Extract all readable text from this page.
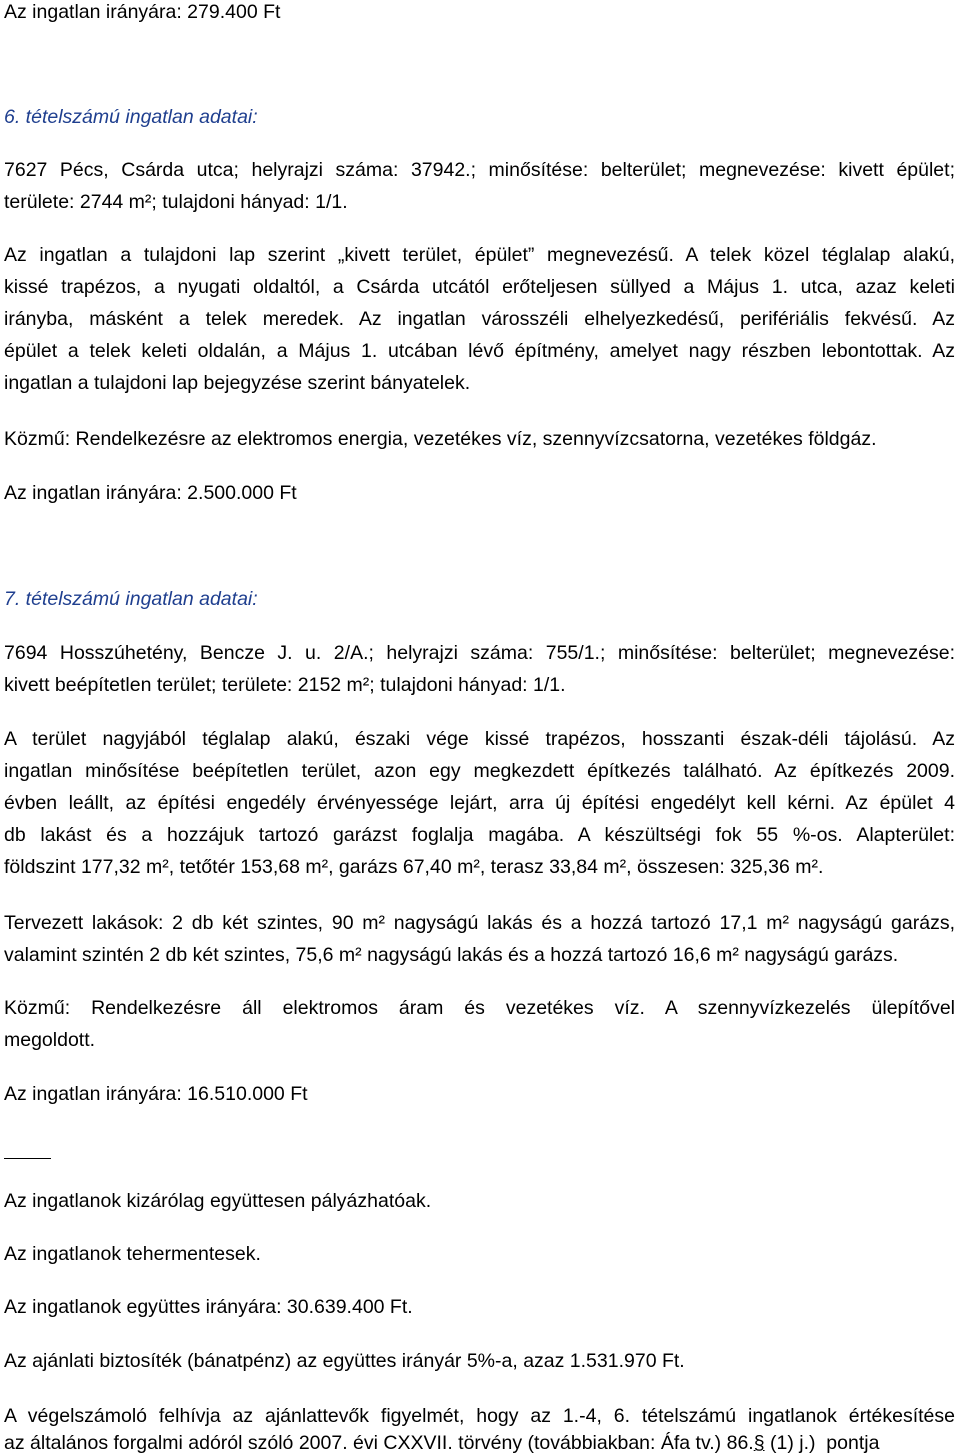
Az ingatlan irányára: 279.400 Ft
6. tételszámú ingatlan adatai:
7627 Pécs, Csárda utca; helyrajzi száma: 37942.; minősítése: belterület; megnevezése: kivett épület;
területe: 2744 m²; tulajdoni hányad: 1/1.
Az ingatlan a tulajdoni lap szerint „kivett terület, épület” megnevezésű. A telek közel téglalap alakú,
kissé trapézos, a nyugati oldaltól, a Csárda utcától erőteljesen süllyed a Május 1. utca, azaz keleti
irányba, másként a telek meredek. Az ingatlan városszéli elhelyezkedésű, perifériális fekvésű. Az
épület a telek keleti oldalán, a Május 1. utcában lévő építmény, amelyet nagy részben lebontottak. Az
ingatlan a tulajdoni lap bejegyzése szerint bányatelek.
Közmű: Rendelkezésre az elektromos energia, vezetékes víz, szennyvízcsatorna, vezetékes földgáz.
Az ingatlan irányára: 2.500.000 Ft
7. tételszámú ingatlan adatai:
7694 Hosszúhetény, Bencze J. u. 2/A.; helyrajzi száma: 755/1.; minősítése: belterület; megnevezése:
kivett beépítetlen terület; területe: 2152 m²; tulajdoni hányad: 1/1.
A terület nagyjából téglalap alakú, északi vége kissé trapézos, hosszanti észak-déli tájolású. Az
ingatlan minősítése beépítetlen terület, azon egy megkezdett építkezés található. Az építkezés 2009.
évben leállt, az építési engedély érvényessége lejárt, arra új építési engedélyt kell kérni. Az épület 4
db lakást és a hozzájuk tartozó garázst foglalja magába. A készültségi fok 55 %-os. Alapterület:
földszint 177,32 m², tetőtér 153,68 m², garázs 67,40 m², terasz 33,84 m², összesen: 325,36 m².
Tervezett lakások: 2 db két szintes, 90 m² nagyságú lakás és a hozzá tartozó 17,1 m² nagyságú garázs,
valamint szintén 2 db két szintes, 75,6 m² nagyságú lakás és a hozzá tartozó 16,6 m² nagyságú garázs.
Közmű: Rendelkezésre áll elektromos áram és vezetékes víz. A szennyvízkezelés ülepítővel
megoldott.
Az ingatlan irányára: 16.510.000 Ft
Az ingatlanok kizárólag együttesen pályázhatóak.
Az ingatlanok tehermentesek.
Az ingatlanok együttes irányára: 30.639.400 Ft.
Az ajánlati biztosíték (bánatpénz) az együttes irányár 5%-a, azaz 1.531.970 Ft.
A végelszámoló felhívja az ajánlattevők figyelmét, hogy az 1.-4, 6. tételszámú ingatlanok értékesítése
az általános forgalmi adóról szóló 2007. évi CXXVII. törvény (továbbiakban: Áfa tv.) 86.§ (1) j.)  pontja
